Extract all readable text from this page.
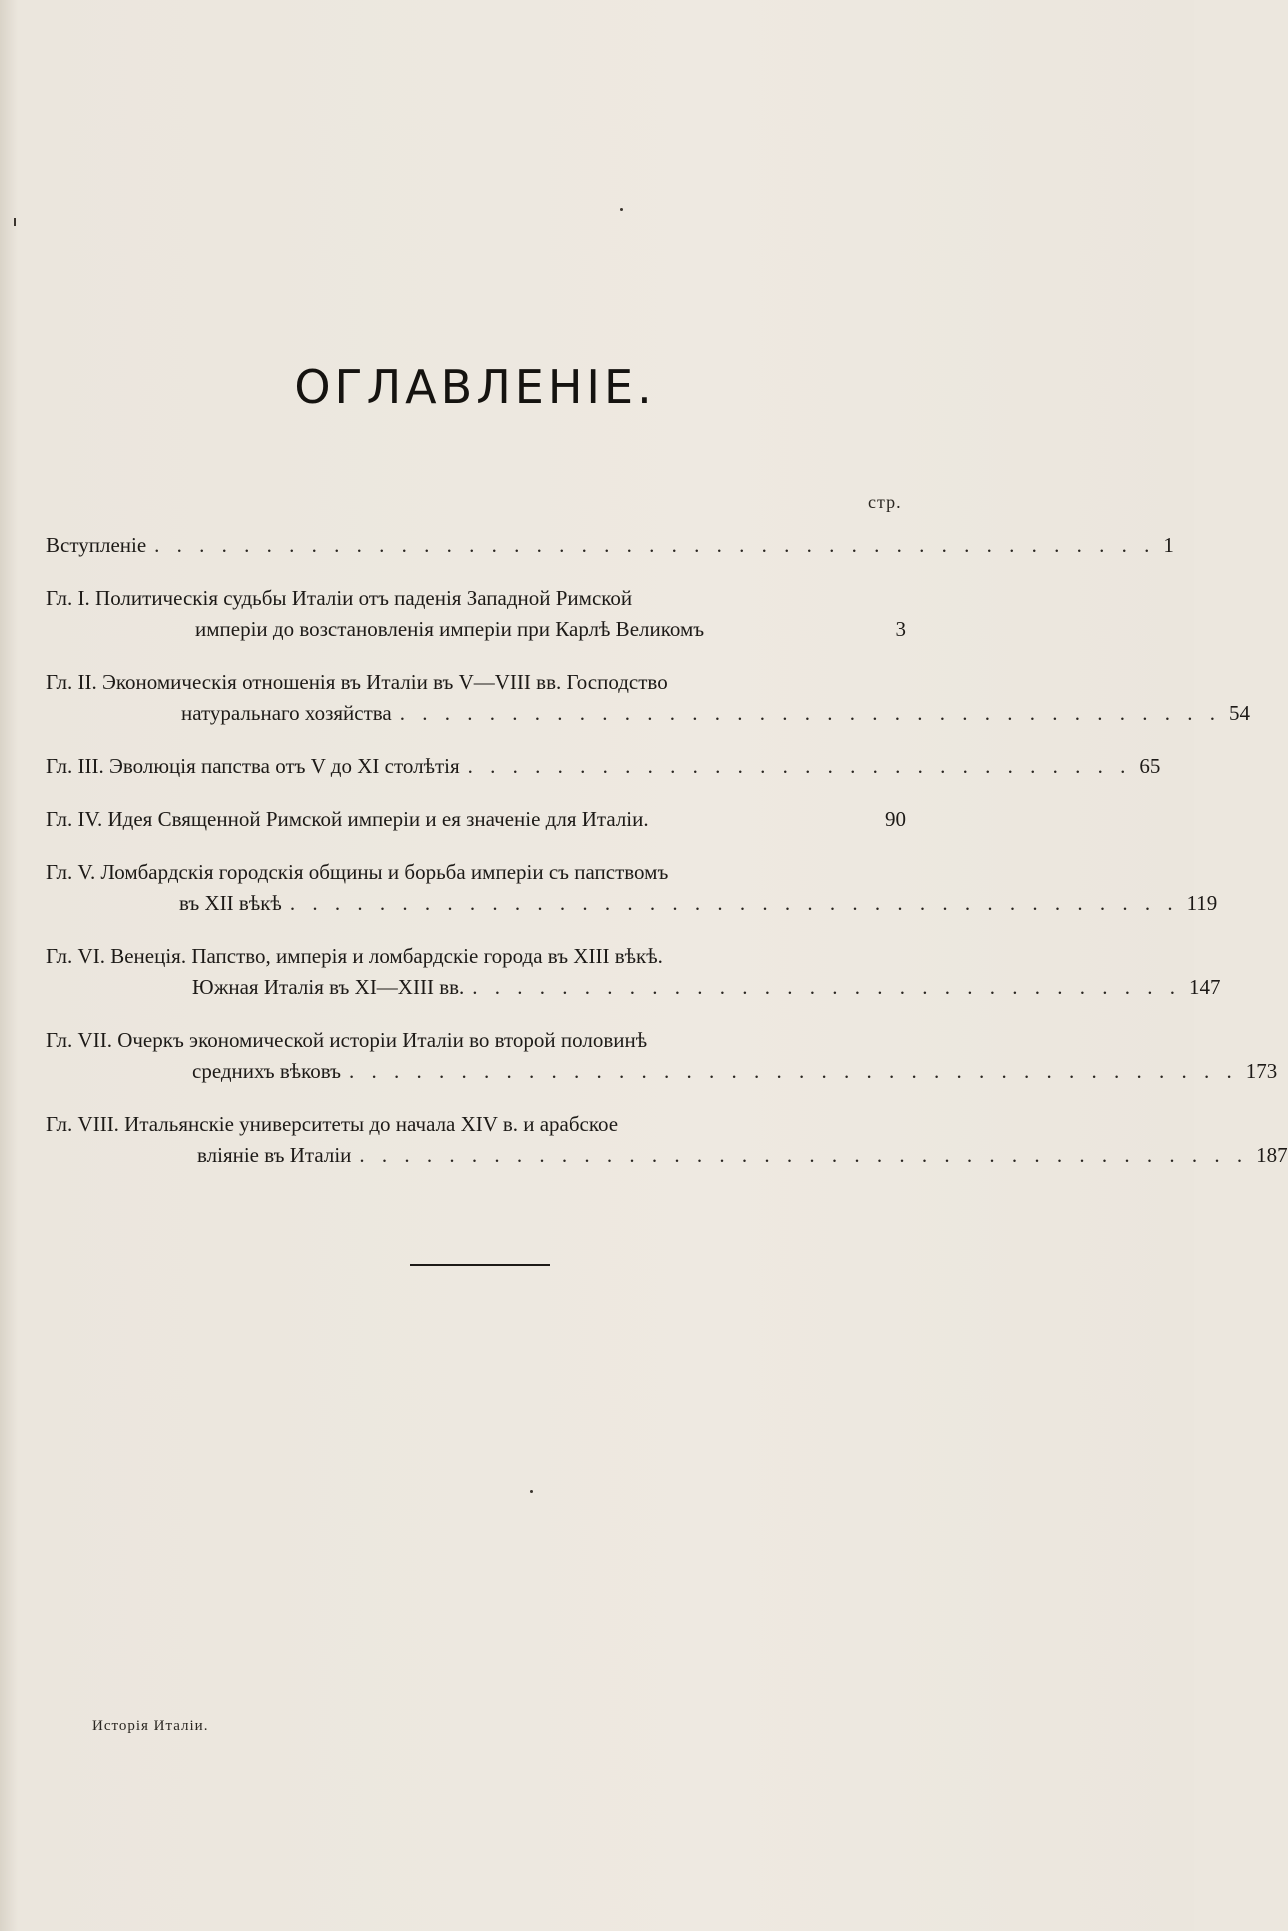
ОГЛАВЛЕНІЕ.
стр.
Вступленіе . . . . . . . . . . . . . . . . . . . . . . . . . . . . . . . . . . . . . . . . . . . . . 1
Гл. I. Политическія судьбы Италіи отъ паденія Западной Римской
имперіи до возстановленія имперіи при Карлѣ Великомъ	3
Гл. II. Экономическія отношенія въ Италіи въ V—VIII вв. Господство
натуральнаго хозяйства . . . . . . . . . . . . . . . . . . . . . . . . . . . . . . . . . . . . . 54
Гл. III. Эволюція папства отъ V до XI столѣтія . . . . . . . . . . . . . . . . . . . . . . . . . . . . . . 65
Гл. IV. Идея Священной Римской имперіи и ея значеніе для Италіи.	90
Гл. V. Ломбардскія городскія общины и борьба имперіи съ папствомъ
въ XII вѣкѣ . . . . . . . . . . . . . . . . . . . . . . . . . . . . . . . . . . . . . . . . 119
Гл. VI. Венеція. Папство, имперія и ломбардскіе города въ XIII вѣкѣ.
Южная Италія въ XI—XIII вв. . . . . . . . . . . . . . . . . . . . . . . . . . . . . . . . . 147
Гл. VII. Очеркъ экономической исторіи Италіи во второй половинѣ
среднихъ вѣковъ . . . . . . . . . . . . . . . . . . . . . . . . . . . . . . . . . . . . . . . . 173
Гл. VIII. Итальянскіе университеты до начала XIV в. и арабское
вліяніе въ Италіи . . . . . . . . . . . . . . . . . . . . . . . . . . . . . . . . . . . . . . . . 187
Исторія Италіи.
